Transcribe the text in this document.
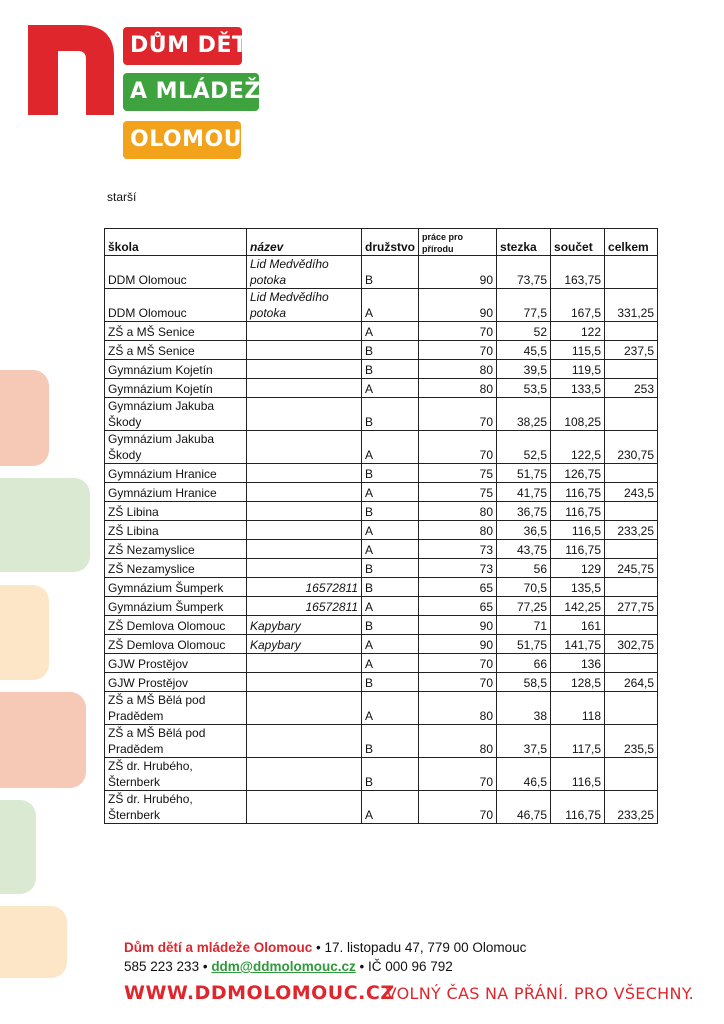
DŮM DĚTÍ
A MLÁDEŽE
OLOMOUC
starší
škola	název	družstvo	práce pro přírodu	stezka	součet	celkem
DDM Olomouc	Lid Medvědího potoka	B	90	73,75	163,75	
DDM Olomouc	Lid Medvědího potoka	A	90	77,5	167,5	331,25
ZŠ a MŠ Senice		A	70	52	122	
ZŠ a MŠ Senice		B	70	45,5	115,5	237,5
Gymnázium Kojetín		B	80	39,5	119,5	
Gymnázium Kojetín		A	80	53,5	133,5	253
Gymnázium Jakuba Škody		B	70	38,25	108,25	
Gymnázium Jakuba Škody		A	70	52,5	122,5	230,75
Gymnázium Hranice		B	75	51,75	126,75	
Gymnázium Hranice		A	75	41,75	116,75	243,5
ZŠ Libina		B	80	36,75	116,75	
ZŠ Libina		A	80	36,5	116,5	233,25
ZŠ Nezamyslice		A	73	43,75	116,75	
ZŠ Nezamyslice		B	73	56	129	245,75
Gymnázium Šumperk	16572811	B	65	70,5	135,5	
Gymnázium Šumperk	16572811	A	65	77,25	142,25	277,75
ZŠ Demlova Olomouc	Kapybary	B	90	71	161	
ZŠ Demlova Olomouc	Kapybary	A	90	51,75	141,75	302,75
GJW Prostějov		A	70	66	136	
GJW Prostějov		B	70	58,5	128,5	264,5
ZŠ a MŠ Bělá pod Pradědem		A	80	38	118	
ZŠ a MŠ Bělá pod Pradědem		B	80	37,5	117,5	235,5
ZŠ dr. Hrubého, Šternberk		B	70	46,5	116,5	
ZŠ dr. Hrubého, Šternberk		A	70	46,75	116,75	233,25
Dům dětí a mládeže Olomouc • 17. listopadu 47, 779 00 Olomouc
585 223 233 • ddm@ddmolomouc.cz • IČ 000 96 792
WWW.DDMOLOMOUC.CZ
VOLNÝ ČAS NA PŘÁNÍ. PRO VŠECHNY.
